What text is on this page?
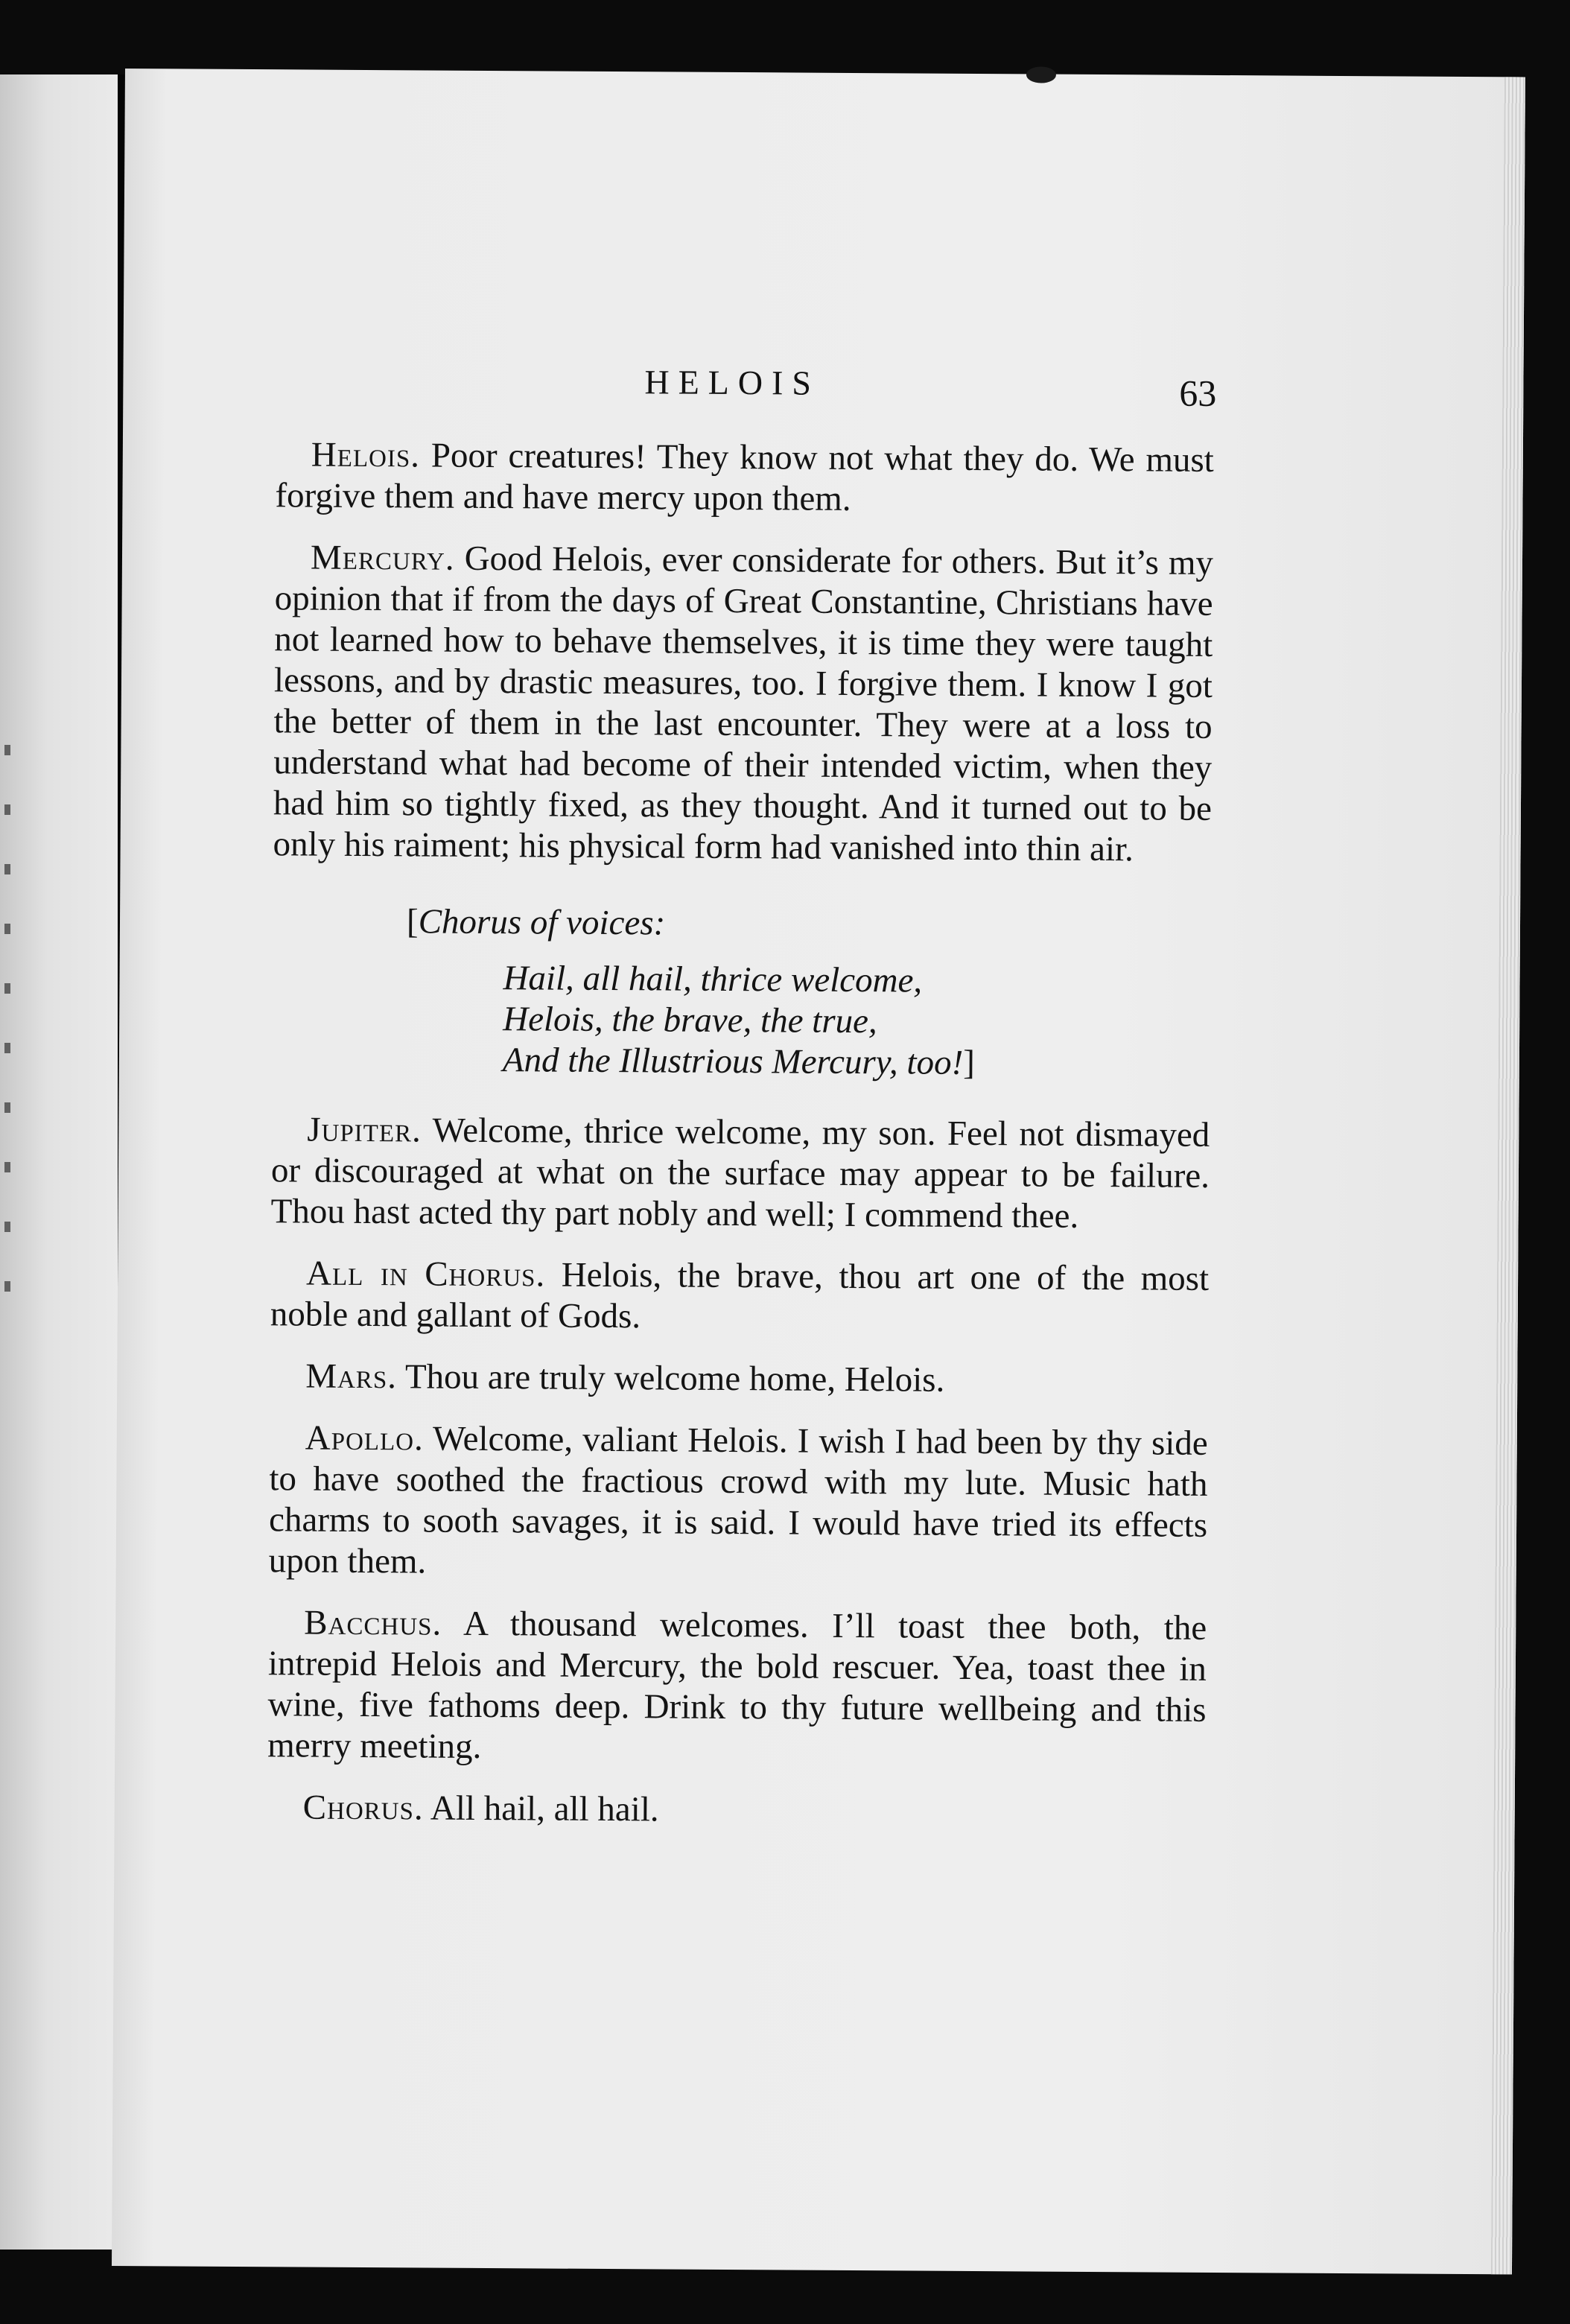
HELOIS	63

Helois. Poor creatures! They know not what they do. We must forgive them and have mercy upon them.

Mercury. Good Helois, ever considerate for others. But it’s my opinion that if from the days of Great Constantine, Christians have not learned how to behave themselves, it is time they were taught lessons, and by drastic measures, too. I forgive them. I know I got the better of them in the last encounter. They were at a loss to understand what had become of their intended victim, when they had him so tightly fixed, as they thought. And it turned out to be only his raiment; his physical form had vanished into thin air.

[Chorus of voices:
Hail, all hail, thrice welcome,
Helois, the brave, the true,
And the Illustrious Mercury, too!]

Jupiter. Welcome, thrice welcome, my son. Feel not dismayed or discouraged at what on the surface may appear to be failure. Thou hast acted thy part nobly and well; I commend thee.

All in Chorus. Helois, the brave, thou art one of the most noble and gallant of Gods.

Mars. Thou are truly welcome home, Helois.

Apollo. Welcome, valiant Helois. I wish I had been by thy side to have soothed the fractious crowd with my lute. Music hath charms to sooth savages, it is said. I would have tried its effects upon them.

Bacchus. A thousand welcomes. I’ll toast thee both, the intrepid Helois and Mercury, the bold rescuer. Yea, toast thee in wine, five fathoms deep. Drink to thy future wellbeing and this merry meeting.

Chorus. All hail, all hail.
